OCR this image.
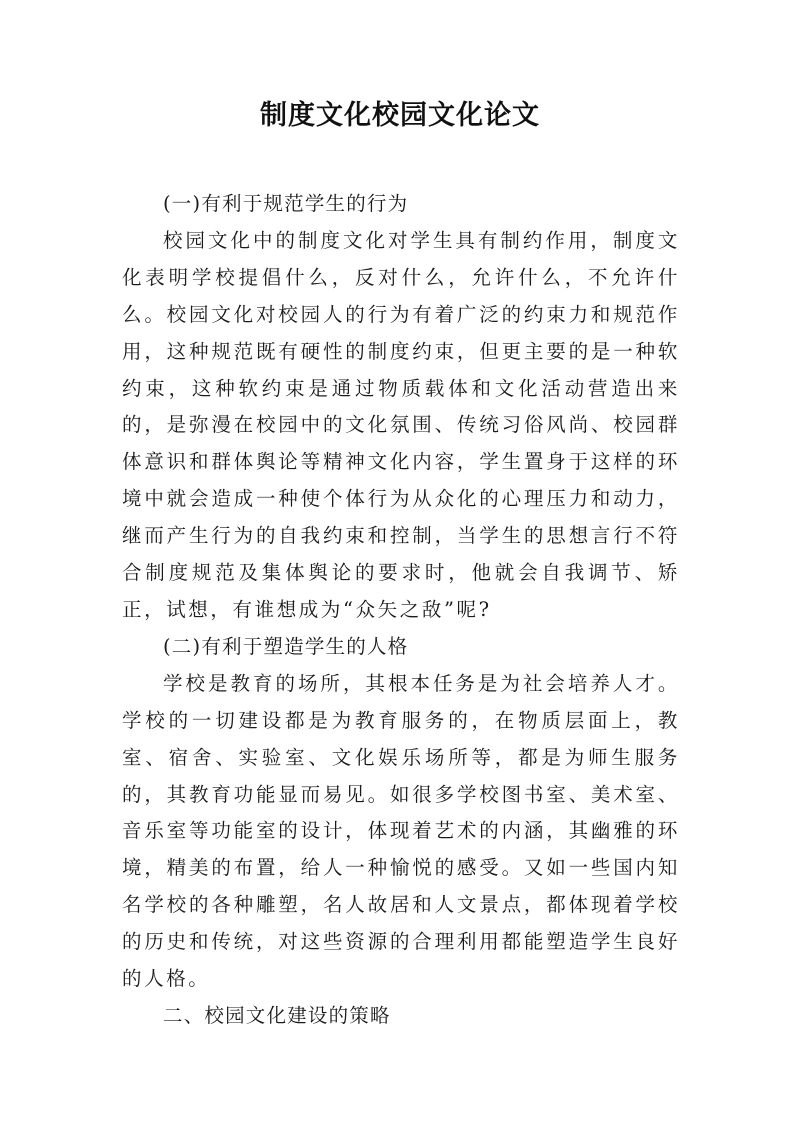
制度文化校园文化论文

(一)有利于规范学生的行为

校园文化中的制度文化对学生具有制约作用，制度文化表明学校提倡什么，反对什么，允许什么，不允许什么。校园文化对校园人的行为有着广泛的约束力和规范作用，这种规范既有硬性的制度约束，但更主要的是一种软约束，这种软约束是通过物质载体和文化活动营造出来的，是弥漫在校园中的文化氛围、传统习俗风尚、校园群体意识和群体舆论等精神文化内容，学生置身于这样的环境中就会造成一种使个体行为从众化的心理压力和动力，继而产生行为的自我约束和控制，当学生的思想言行不符合制度规范及集体舆论的要求时，他就会自我调节、矫正，试想，有谁想成为“众矢之敌”呢?

(二)有利于塑造学生的人格

学校是教育的场所，其根本任务是为社会培养人才。学校的一切建设都是为教育服务的，在物质层面上，教室、宿舍、实验室、文化娱乐场所等，都是为师生服务的，其教育功能显而易见。如很多学校图书室、美术室、音乐室等功能室的设计，体现着艺术的内涵，其幽雅的环境，精美的布置，给人一种愉悦的感受。又如一些国内知名学校的各种雕塑，名人故居和人文景点，都体现着学校的历史和传统，对这些资源的合理利用都能塑造学生良好的人格。

二、校园文化建设的策略
